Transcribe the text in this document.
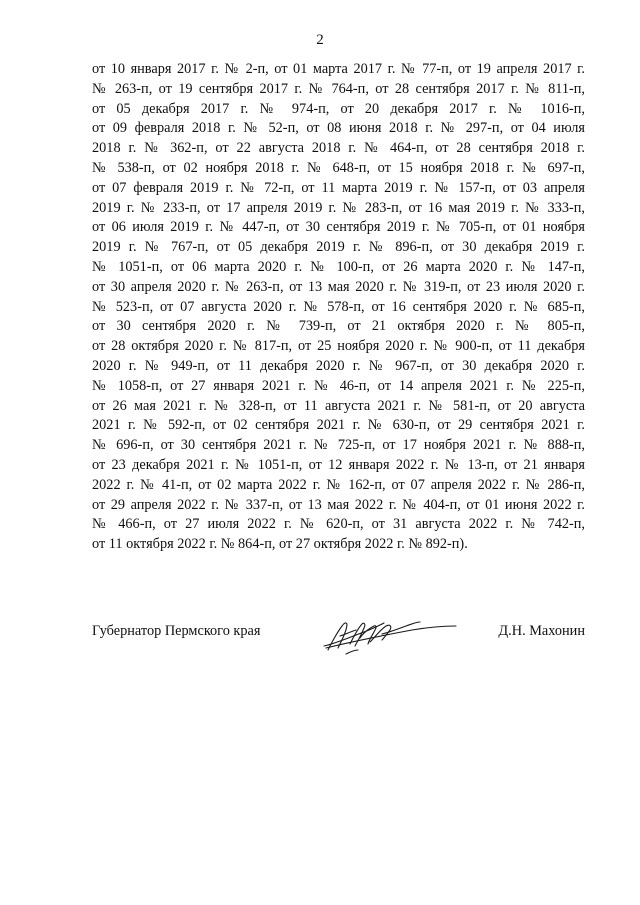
2
от 10 января 2017 г. № 2-п, от 01 марта 2017 г. № 77-п, от 19 апреля 2017 г.
№ 263-п, от 19 сентября 2017 г. № 764-п, от 28 сентября 2017 г. № 811-п,
от 05 декабря 2017 г. № 974-п, от 20 декабря 2017 г. № 1016-п,
от 09 февраля 2018 г. № 52-п, от 08 июня 2018 г. № 297-п, от 04 июля
2018 г. № 362-п, от 22 августа 2018 г. № 464-п, от 28 сентября 2018 г.
№ 538-п, от 02 ноября 2018 г. № 648-п, от 15 ноября 2018 г. № 697-п,
от 07 февраля 2019 г. № 72-п, от 11 марта 2019 г. № 157-п, от 03 апреля
2019 г. № 233-п, от 17 апреля 2019 г. № 283-п, от 16 мая 2019 г. № 333-п,
от 06 июля 2019 г. № 447-п, от 30 сентября 2019 г. № 705-п, от 01 ноября
2019 г. № 767-п, от 05 декабря 2019 г. № 896-п, от 30 декабря 2019 г.
№ 1051-п, от 06 марта 2020 г. № 100-п, от 26 марта 2020 г. № 147-п,
от 30 апреля 2020 г. № 263-п, от 13 мая 2020 г. № 319-п, от 23 июля 2020 г.
№ 523-п, от 07 августа 2020 г. № 578-п, от 16 сентября 2020 г. № 685-п,
от 30 сентября 2020 г. № 739-п, от 21 октября 2020 г. № 805-п,
от 28 октября 2020 г. № 817-п, от 25 ноября 2020 г. № 900-п, от 11 декабря
2020 г. № 949-п, от 11 декабря 2020 г. № 967-п, от 30 декабря 2020 г.
№ 1058-п, от 27 января 2021 г. № 46-п, от 14 апреля 2021 г. № 225-п,
от 26 мая 2021 г. № 328-п, от 11 августа 2021 г. № 581-п, от 20 августа
2021 г. № 592-п, от 02 сентября 2021 г. № 630-п, от 29 сентября 2021 г.
№ 696-п, от 30 сентября 2021 г. № 725-п, от 17 ноября 2021 г. № 888-п,
от 23 декабря 2021 г. № 1051-п, от 12 января 2022 г. № 13-п, от 21 января
2022 г. № 41-п, от 02 марта 2022 г. № 162-п, от 07 апреля 2022 г. № 286-п,
от 29 апреля 2022 г. № 337-п, от 13 мая 2022 г. № 404-п, от 01 июня 2022 г.
№ 466-п, от 27 июля 2022 г. № 620-п, от 31 августа 2022 г. № 742-п,
от 11 октября 2022 г. № 864-п, от 27 октября 2022 г. № 892-п).
Губернатор Пермского края	Д.Н. Махонин
